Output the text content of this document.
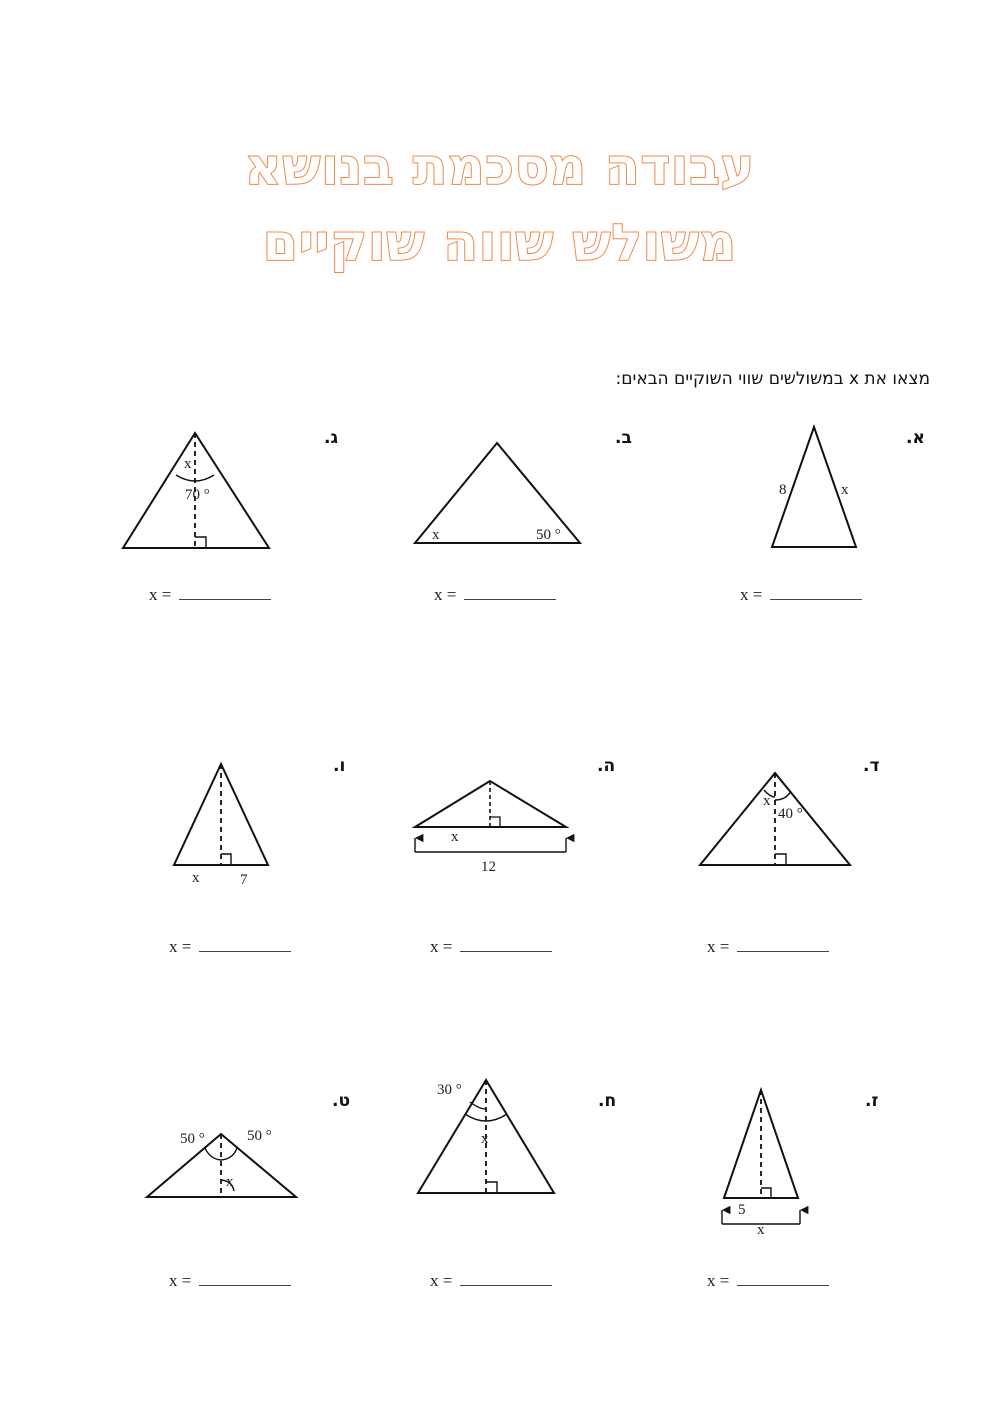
עבודה מסכמת בנושא
משולש שווה שוקיים
מצאו את x במשולשים שווי השוקיים הבאים:
א.
ב.
ג.
ד.
ה.
ו.
ז.
ח.
ט.
x =
x =
x =
x =
x =
x =
x =
x =
x =
8	x
x	50 °
x
70 °
x
40 °
x
12
x	7
5
x
30 °
x
50 °	50 °
x
